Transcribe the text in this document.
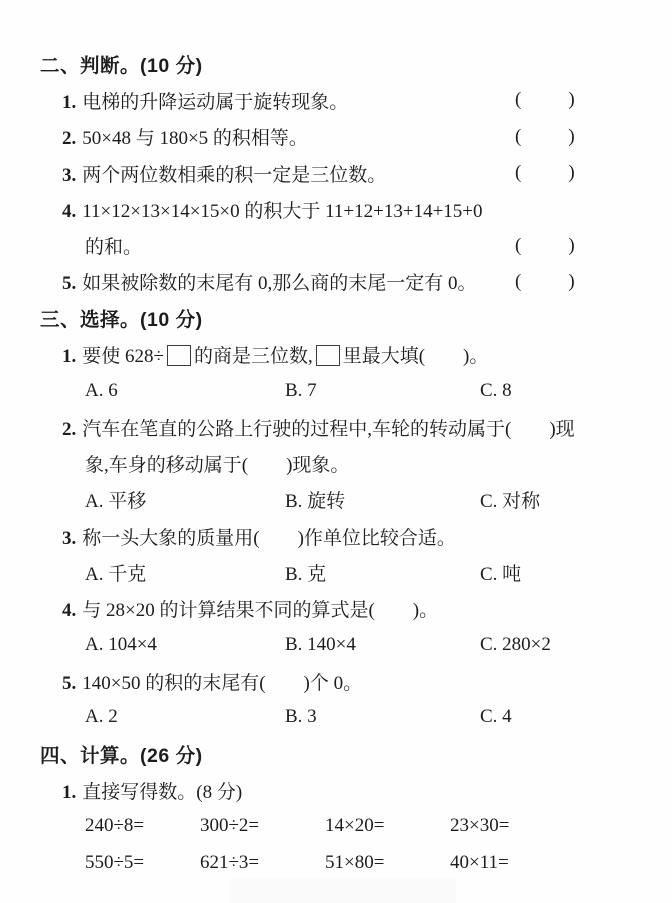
二、判断。(10 分)
1. 电梯的升降运动属于旋转现象。	(        )
2. 50×48 与 180×5 的积相等。	(        )
3. 两个两位数相乘的积一定是三位数。	(        )
4. 11×12×13×14×15×0 的积大于 11+12+13+14+15+0
的和。	(        )
5. 如果被除数的末尾有 0,那么商的末尾一定有 0。 (        )
三、选择。(10 分)
1. 要使 628÷ 的商是三位数, 里最大填(        )。
A. 6	B. 7	C. 8
2. 汽车在笔直的公路上行驶的过程中,车轮的转动属于(        )现
象,车身的移动属于(        )现象。
A. 平移	B. 旋转	C. 对称
3. 称一头大象的质量用(        )作单位比较合适。
A. 千克	B. 克	C. 吨
4. 与 28×20 的计算结果不同的算式是(        )。
A. 104×4	B. 140×4	C. 280×2
5. 140×50 的积的末尾有(        )个 0。
A. 2	B. 3	C. 4
四、计算。(26 分)
1. 直接写得数。(8 分)
240÷8=	300÷2=	14×20=	23×30=
550÷5=	621÷3=	51×80=	40×11=
